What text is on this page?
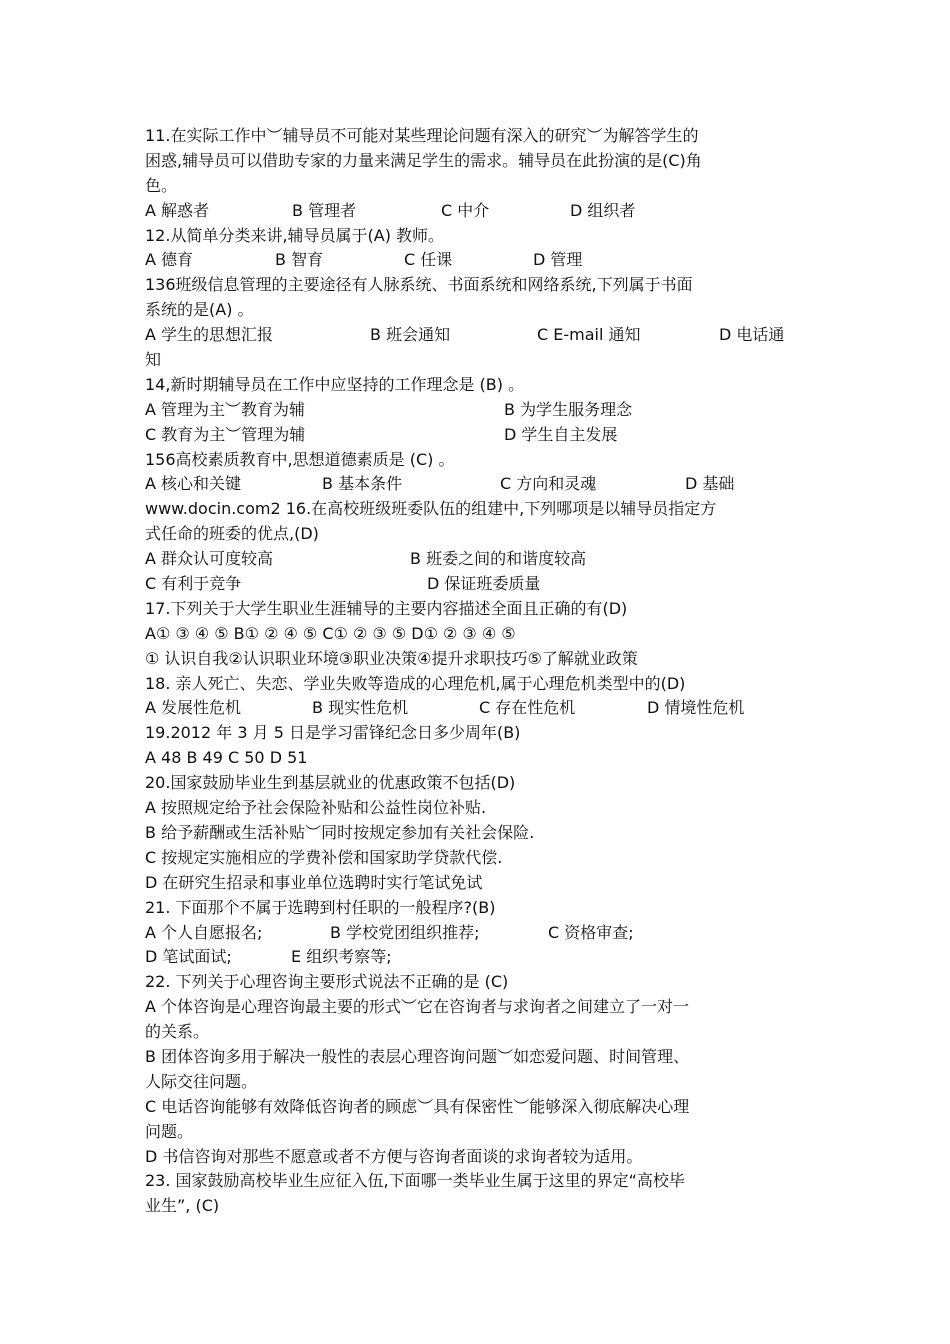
11.在实际工作中︶辅导员不可能对某些理论问题有深入的研究︶为解答学生的
困惑,辅导员可以借助专家的力量来满足学生的需求。辅导员在此扮演的是(C)角
色。
A 解惑者	B 管理者	C 中介	D 组织者
12.从简单分类来讲,辅导员属于(A) 教师。
A 德育	B 智育	C 任课	D 管理
136班级信息管理的主要途径有人脉系统、书面系统和网络系统,下列属于书面
系统的是(A) 。
A 学生的思想汇报	B 班会通知	C E-mail 通知	D 电话通
知
14,新时期辅导员在工作中应坚持的工作理念是 (B) 。
A 管理为主︶教育为辅	B 为学生服务理念
C 教育为主︶管理为辅	D 学生自主发展
156高校素质教育中,思想道德素质是 (C) 。
A 核心和关键	B 基本条件	C 方向和灵魂	D 基础
www.docin.com2 16.在高校班级班委队伍的组建中,下列哪项是以辅导员指定方
式任命的班委的优点,(D)
A 群众认可度较高	B 班委之间的和谐度较高
C 有利于竞争	D 保证班委质量
17.下列关于大学生职业生涯辅导的主要内容描述全面且正确的有(D)
A① ③ ④ ⑤ B① ② ④ ⑤ C① ② ③ ⑤ D① ② ③ ④ ⑤
① 认识自我②认识职业环境③职业决策④提升求职技巧⑤了解就业政策
18. 亲人死亡、失恋、学业失败等造成的心理危机,属于心理危机类型中的(D)
A 发展性危机	B 现实性危机	C 存在性危机	D 情境性危机
19.2012 年 3 月 5 日是学习雷锋纪念日多少周年(B)
A 48 B 49 C 50 D 51
20.国家鼓励毕业生到基层就业的优惠政策不包括(D)
A 按照规定给予社会保险补贴和公益性岗位补贴.
B 给予薪酬或生活补贴︶同时按规定参加有关社会保险.
C 按规定实施相应的学费补偿和国家助学贷款代偿.
D 在研究生招录和事业单位选聘时实行笔试免试
21. 下面那个不属于选聘到村任职的一般程序?(B)
A 个人自愿报名;	B 学校党团组织推荐;	C 资格审查;
D 笔试面试;	E 组织考察等;
22. 下列关于心理咨询主要形式说法不正确的是 (C)
A 个体咨询是心理咨询最主要的形式︶它在咨询者与求询者之间建立了一对一
的关系。
B 团体咨询多用于解决一般性的表层心理咨询问题︶如恋爱问题、时间管理、
人际交往问题。
C 电话咨询能够有效降低咨询者的顾虑︶具有保密性︶能够深入彻底解决心理
问题。
D 书信咨询对那些不愿意或者不方便与咨询者面谈的求询者较为适用。
23. 国家鼓励高校毕业生应征入伍,下面哪一类毕业生属于这里的界定“高校毕
业生”, (C)
